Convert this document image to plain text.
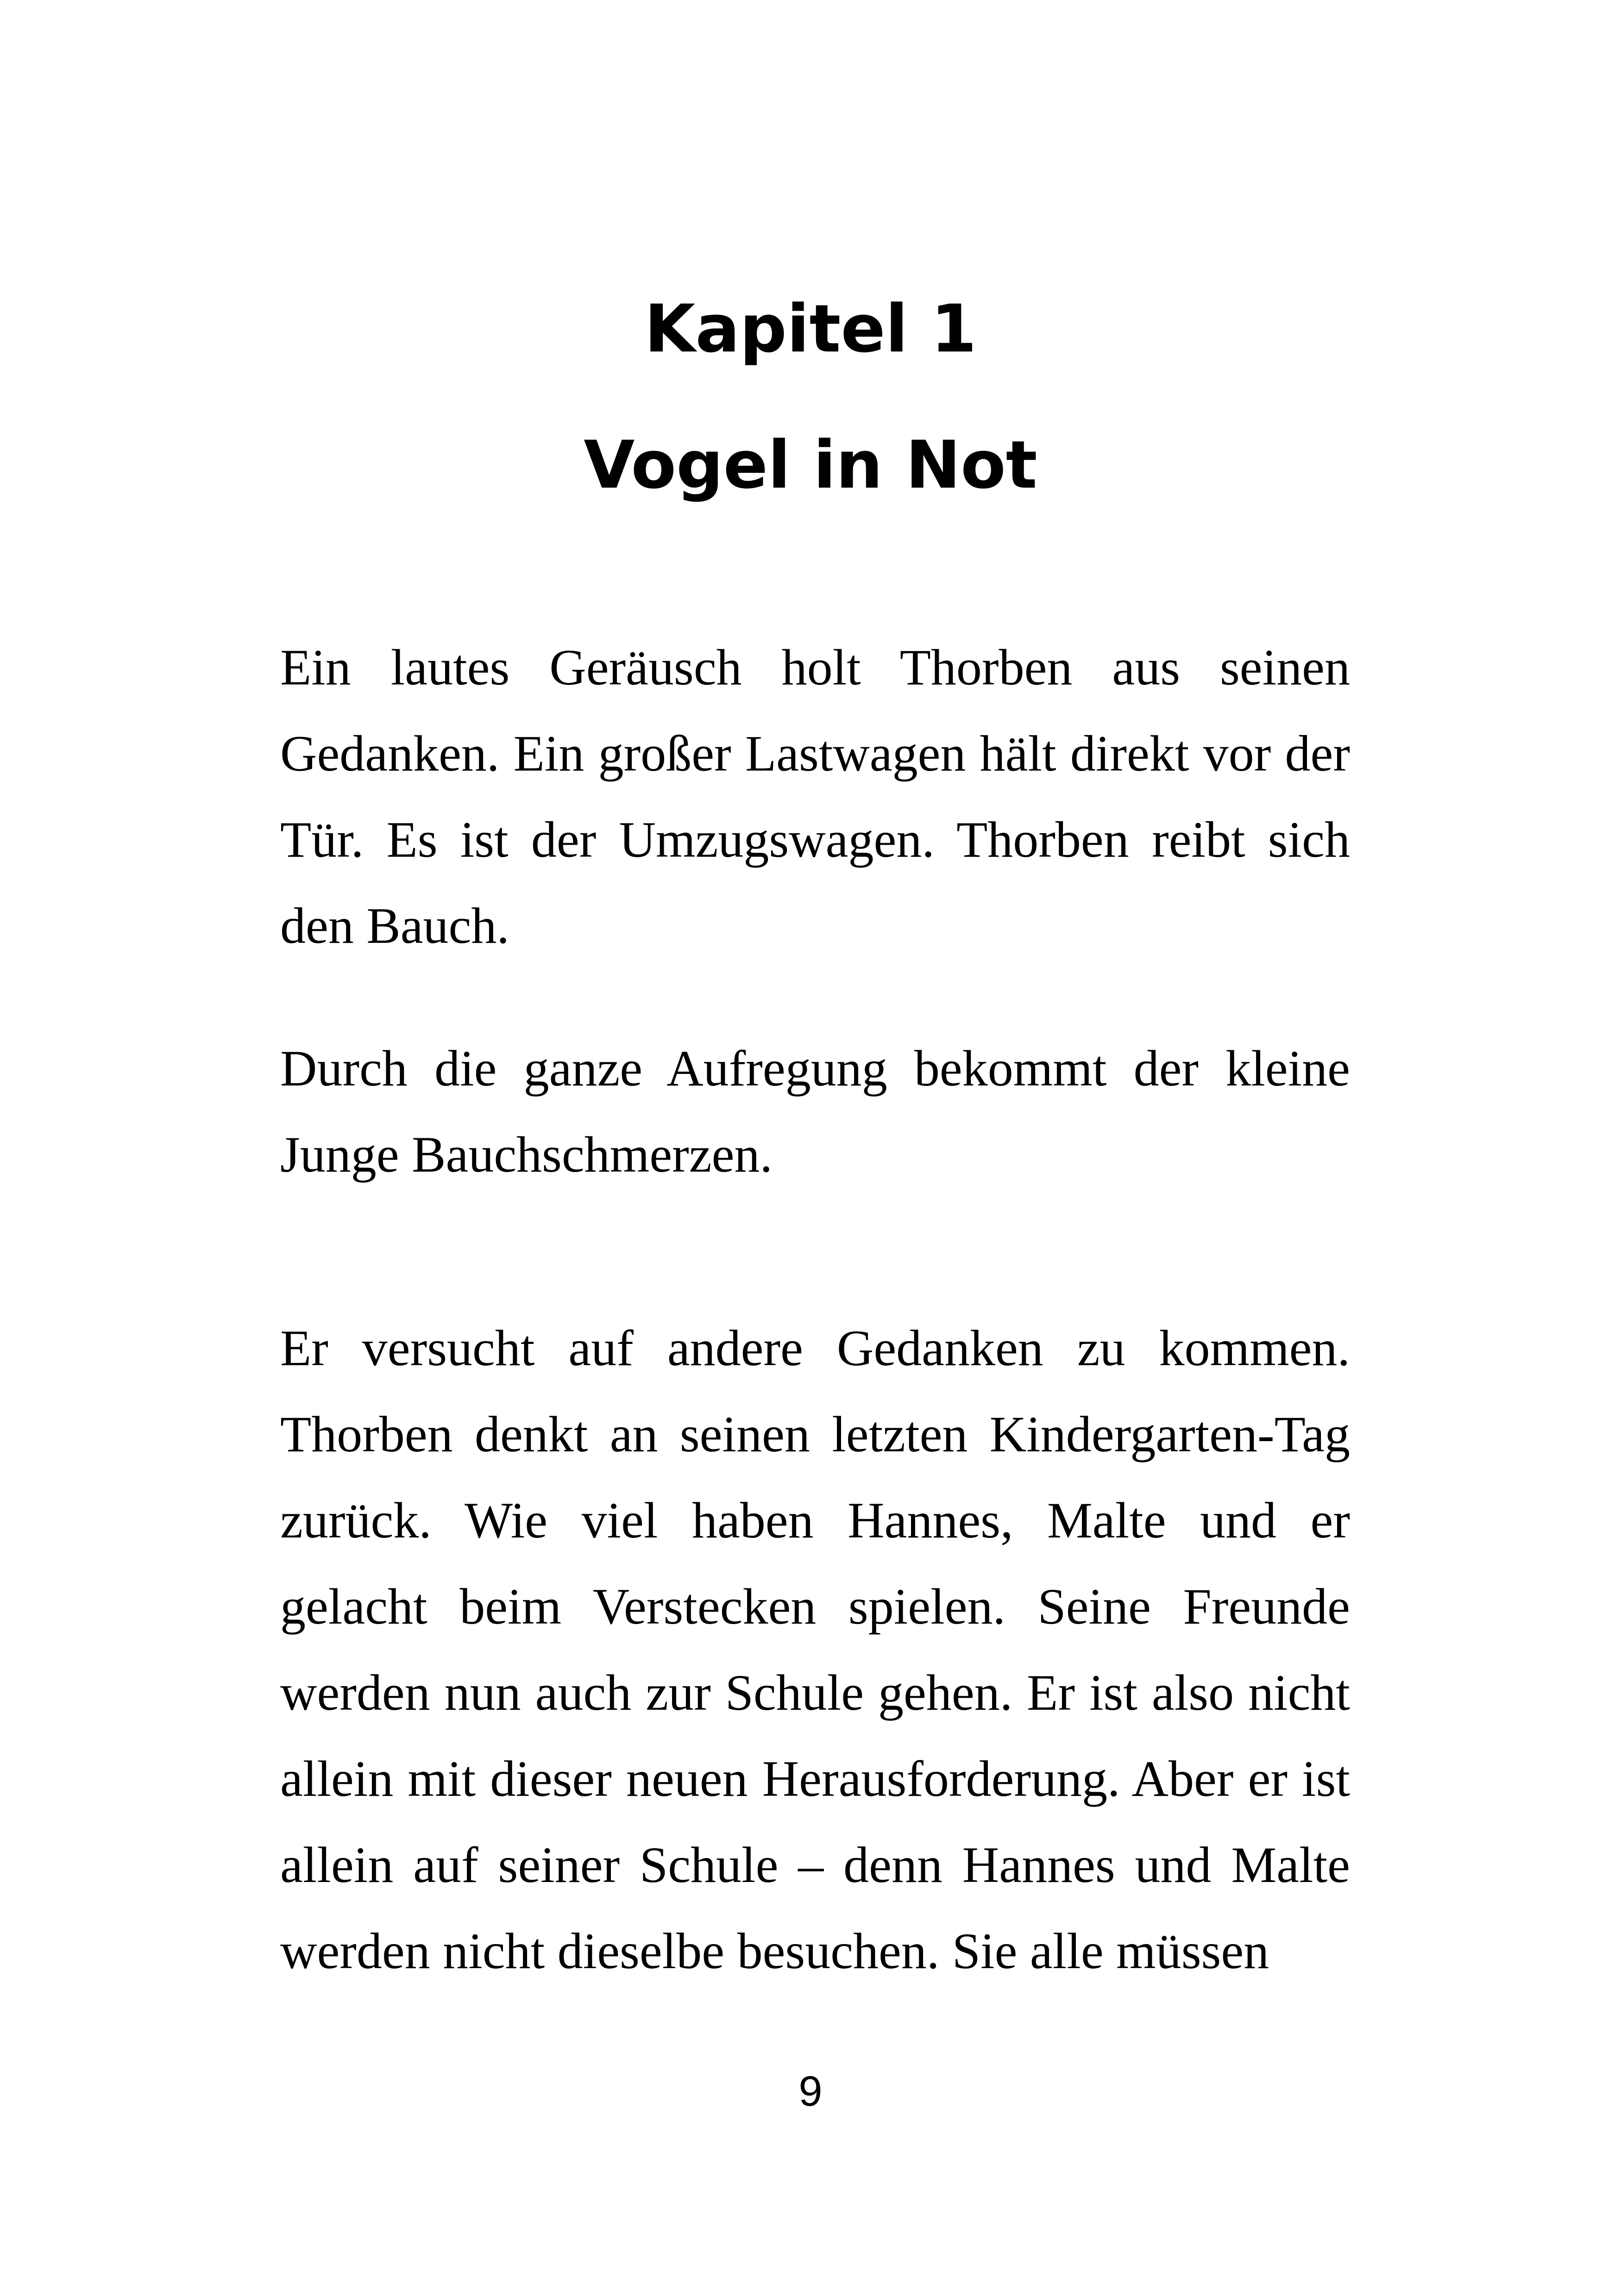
Kapitel 1
Vogel in Not

Ein lautes Geräusch holt Thorben aus seinen Gedanken. Ein großer Lastwagen hält direkt vor der Tür. Es ist der Umzugswagen. Thorben reibt sich den Bauch.

Durch die ganze Aufregung bekommt der kleine Junge Bauchschmerzen.

Er versucht auf andere Gedanken zu kommen. Thorben denkt an seinen letzten Kindergarten-Tag zurück. Wie viel haben Hannes, Malte und er gelacht beim Verstecken spielen. Seine Freunde werden nun auch zur Schule gehen. Er ist also nicht allein mit dieser neuen Herausforderung. Aber er ist allein auf seiner Schule – denn Hannes und Malte werden nicht dieselbe besuchen. Sie alle müssen

9
